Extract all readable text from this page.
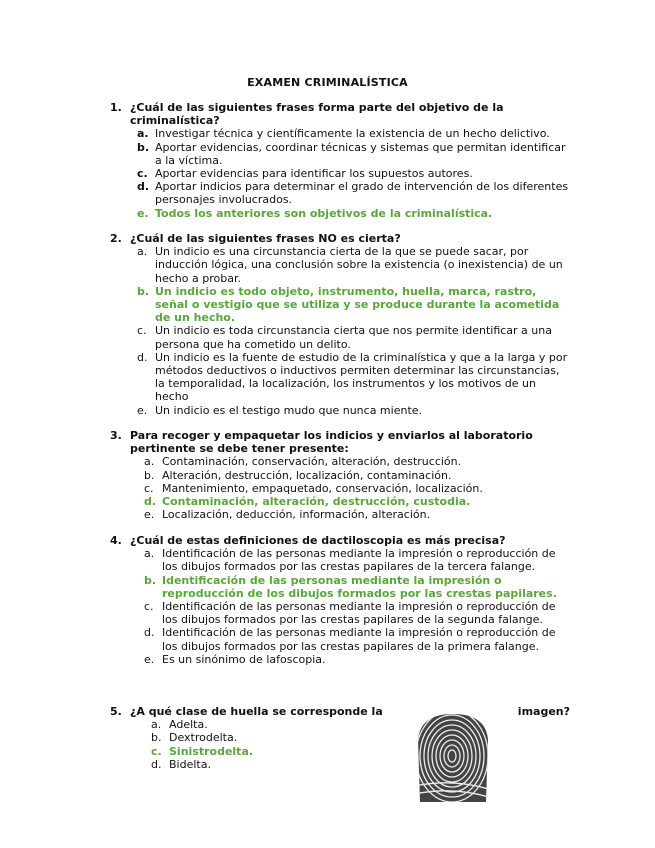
EXAMEN CRIMINALÍSTICA
1. ¿Cuál de las siguientes frases forma parte del objetivo de la criminalística?
a. Investigar técnica y científicamente la existencia de un hecho delictivo.
b. Aportar evidencias, coordinar técnicas y sistemas que permitan identificar a la víctima.
c. Aportar evidencias para identificar los supuestos autores.
d. Aportar indicios para determinar el grado de intervención de los diferentes personajes involucrados.
e. Todos los anteriores son objetivos de la criminalística.
2. ¿Cuál de las siguientes frases NO es cierta?
a. Un indicio es una circunstancia cierta de la que se puede sacar, por inducción lógica, una conclusión sobre la existencia (o inexistencia) de un hecho a probar.
b. Un indicio es todo objeto, instrumento, huella, marca, rastro, señal o vestigio que se utiliza y se produce durante la acometida de un hecho.
c. Un indicio es toda circunstancia cierta que nos permite identificar a una persona que ha cometido un delito.
d. Un indicio es la fuente de estudio de la criminalística y que a la larga y por métodos deductivos o inductivos permiten determinar las circunstancias, la temporalidad, la localización, los instrumentos y los motivos de un hecho
e. Un indicio es el testigo mudo que nunca miente.
3. Para recoger y empaquetar los indicios y enviarlos al laboratorio pertinente se debe tener presente:
a. Contaminación, conservación, alteración, destrucción.
b. Alteración, destrucción, localización, contaminación.
c. Mantenimiento, empaquetado, conservación, localización.
d. Contaminación, alteración, destrucción, custodia.
e. Localización, deducción, información, alteración.
4. ¿Cuál de estas definiciones de dactiloscopia es más precisa?
a. Identificación de las personas mediante la impresión o reproducción de los dibujos formados por las crestas papilares de la tercera falange.
b. Identificación de las personas mediante la impresión o reproducción de los dibujos formados por las crestas papilares.
c. Identificación de las personas mediante la impresión o reproducción de los dibujos formados por las crestas papilares de la segunda falange.
d. Identificación de las personas mediante la impresión o reproducción de los dibujos formados por las crestas papilares de la primera falange.
e. Es un sinónimo de lafoscopia.
5. ¿A qué clase de huella se corresponde la	imagen?
a. Adelta.
b. Dextrodelta.
c. Sinistrodelta.
d. Bidelta.
